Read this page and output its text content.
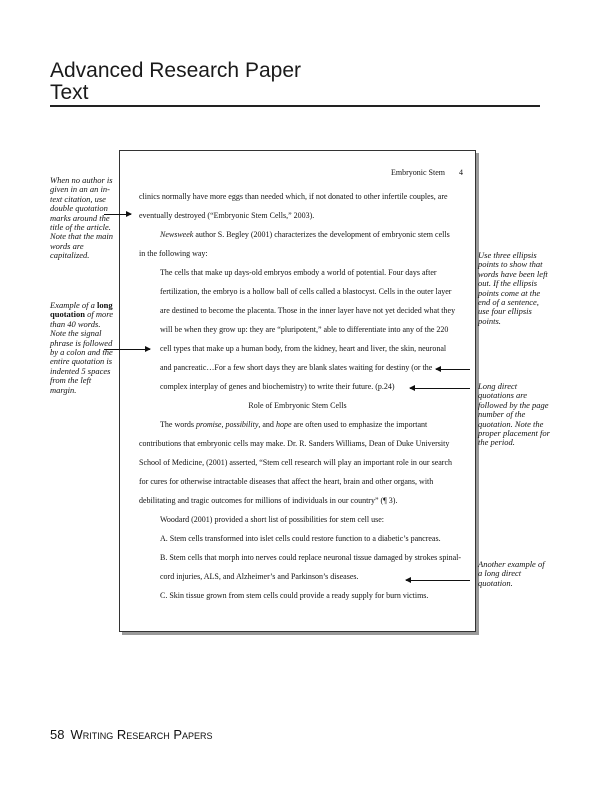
Advanced Research Paper
Text
Embryonic Stem 4
clinics normally have more eggs than needed which, if not donated to other infertile couples, are
eventually destroyed (“Embryonic Stem Cells,” 2003).
Newsweek author S. Begley (2001) characterizes the development of embryonic stem cells
in the following way:
The cells that make up days-old embryos embody a world of potential. Four days after
fertilization, the embryo is a hollow ball of cells called a blastocyst. Cells in the outer layer
are destined to become the placenta. Those in the inner layer have not yet decided what they
will be when they grow up: they are “pluripotent,” able to differentiate into any of the 220
cell types that make up a human body, from the kidney, heart and liver, the skin, neuronal
and pancreatic…For a few short days they are blank slates waiting for destiny (or the
complex interplay of genes and biochemistry) to write their future. (p.24)
Role of Embryonic Stem Cells
The words promise, possibility, and hope are often used to emphasize the important
contributions that embryonic cells may make. Dr. R. Sanders Williams, Dean of Duke University
School of Medicine, (2001) asserted, “Stem cell research will play an important role in our search
for cures for otherwise intractable diseases that affect the heart, brain and other organs, with
debilitating and tragic outcomes for millions of individuals in our country” (¶ 3).
Woodard (2001) provided a short list of possibilities for stem cell use:
A. Stem cells transformed into islet cells could restore function to a diabetic’s pancreas.
B. Stem cells that morph into nerves could replace neuronal tissue damaged by strokes spinal-
cord injuries, ALS, and Alzheimer’s and Parkinson’s diseases.
C. Skin tissue grown from stem cells could provide a ready supply for burn victims.

When no author is given in an an in-text citation, use double quotation marks around the title of the article. Note that the main words are capitalized.

Example of a long quotation of more than 40 words. Note the signal phrase is followed by a colon and the entire quotation is indented 5 spaces from the left margin.

Use three ellipsis points to show that words have been left out. If the ellipsis points come at the end of a sentence, use four ellipsis points.

Long direct quotations are followed by the page number of the quotation. Note the proper placement for the period.

Another example of a long direct quotation.

58 Writing Research Papers
